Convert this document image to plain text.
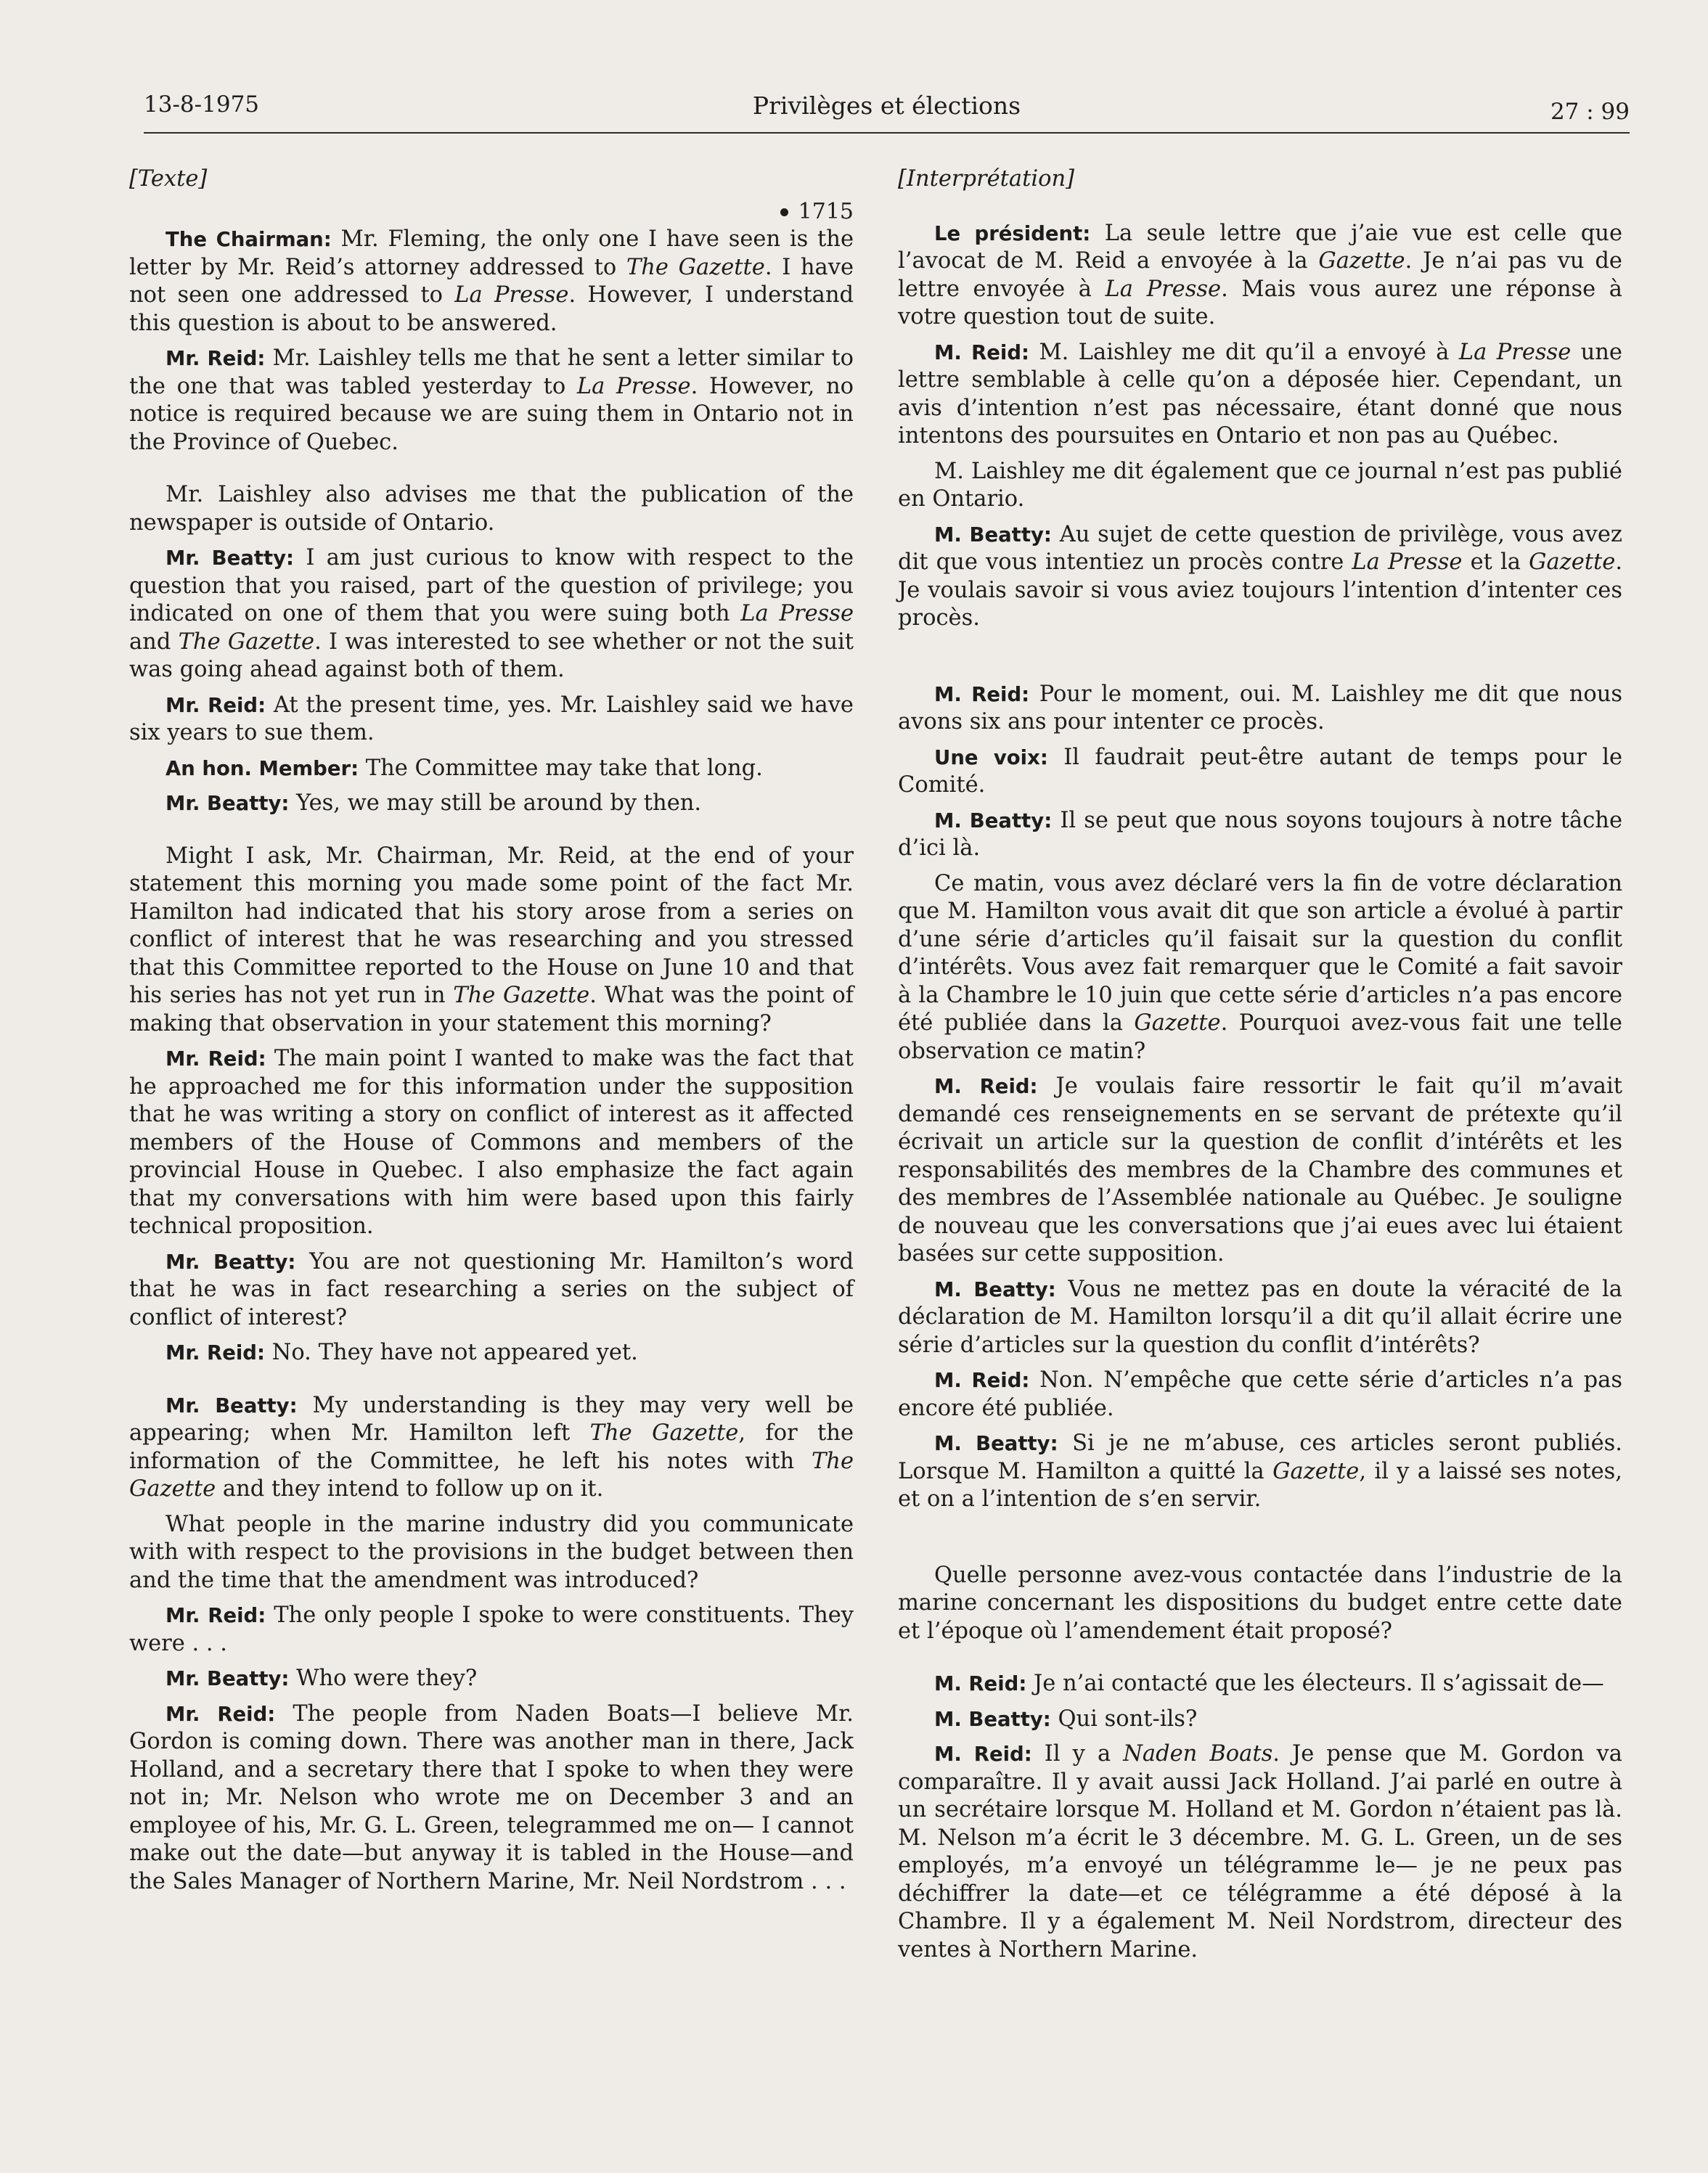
13-8-1975	Privilèges et élections	27 : 99

[Texte]

1715

The Chairman: Mr. Fleming, the only one I have seen is the letter by Mr. Reid’s attorney addressed to The Gazette. I have not seen one addressed to La Presse. However, I understand this question is about to be answered.

Mr. Reid: Mr. Laishley tells me that he sent a letter similar to the one that was tabled yesterday to La Presse. However, no notice is required because we are suing them in Ontario not in the Province of Quebec.

Mr. Laishley also advises me that the publication of the newspaper is outside of Ontario.

Mr. Beatty: I am just curious to know with respect to the question that you raised, part of the question of privilege; you indicated on one of them that you were suing both La Presse and The Gazette. I was interested to see whether or not the suit was going ahead against both of them.

Mr. Reid: At the present time, yes. Mr. Laishley said we have six years to sue them.

An hon. Member: The Committee may take that long.

Mr. Beatty: Yes, we may still be around by then.

Might I ask, Mr. Chairman, Mr. Reid, at the end of your statement this morning you made some point of the fact Mr. Hamilton had indicated that his story arose from a series on conflict of interest that he was researching and you stressed that this Committee reported to the House on June 10 and that his series has not yet run in The Gazette. What was the point of making that observation in your statement this morning?

Mr. Reid: The main point I wanted to make was the fact that he approached me for this information under the supposition that he was writing a story on conflict of interest as it affected members of the House of Commons and members of the provincial House in Quebec. I also emphasize the fact again that my conversations with him were based upon this fairly technical proposition.

Mr. Beatty: You are not questioning Mr. Hamilton’s word that he was in fact researching a series on the subject of conflict of interest?

Mr. Reid: No. They have not appeared yet.

Mr. Beatty: My understanding is they may very well be appearing; when Mr. Hamilton left The Gazette, for the information of the Committee, he left his notes with The Gazette and they intend to follow up on it.

What people in the marine industry did you communicate with with respect to the provisions in the budget between then and the time that the amendment was introduced?

Mr. Reid: The only people I spoke to were constituents. They were . . .

Mr. Beatty: Who were they?

Mr. Reid: The people from Naden Boats—I believe Mr. Gordon is coming down. There was another man in there, Jack Holland, and a secretary there that I spoke to when they were not in; Mr. Nelson who wrote me on December 3 and an employee of his, Mr. G. L. Green, telegrammed me on— I cannot make out the date—but anyway it is tabled in the House—and the Sales Manager of Northern Marine, Mr. Neil Nordstrom . . .

[Interprétation]

Le président: La seule lettre que j’aie vue est celle que l’avocat de M. Reid a envoyée à la Gazette. Je n’ai pas vu de lettre envoyée à La Presse. Mais vous aurez une réponse à votre question tout de suite.

M. Reid: M. Laishley me dit qu’il a envoyé à La Presse une lettre semblable à celle qu’on a déposée hier. Cependant, un avis d’intention n’est pas nécessaire, étant donné que nous intentons des poursuites en Ontario et non pas au Québec.

M. Laishley me dit également que ce journal n’est pas publié en Ontario.

M. Beatty: Au sujet de cette question de privilège, vous avez dit que vous intentiez un procès contre La Presse et la Gazette. Je voulais savoir si vous aviez toujours l’intention d’intenter ces procès.

M. Reid: Pour le moment, oui. M. Laishley me dit que nous avons six ans pour intenter ce procès.

Une voix: Il faudrait peut-être autant de temps pour le Comité.

M. Beatty: Il se peut que nous soyons toujours à notre tâche d’ici là.

Ce matin, vous avez déclaré vers la fin de votre déclaration que M. Hamilton vous avait dit que son article a évolué à partir d’une série d’articles qu’il faisait sur la question du conflit d’intérêts. Vous avez fait remarquer que le Comité a fait savoir à la Chambre le 10 juin que cette série d’articles n’a pas encore été publiée dans la Gazette. Pourquoi avez-vous fait une telle observation ce matin?

M. Reid: Je voulais faire ressortir le fait qu’il m’avait demandé ces renseignements en se servant de prétexte qu’il écrivait un article sur la question de conflit d’intérêts et les responsabilités des membres de la Chambre des communes et des membres de l’Assemblée nationale au Québec. Je souligne de nouveau que les conversations que j’ai eues avec lui étaient basées sur cette supposition.

M. Beatty: Vous ne mettez pas en doute la véracité de la déclaration de M. Hamilton lorsqu’il a dit qu’il allait écrire une série d’articles sur la question du conflit d’intérêts?

M. Reid: Non. N’empêche que cette série d’articles n’a pas encore été publiée.

M. Beatty: Si je ne m’abuse, ces articles seront publiés. Lorsque M. Hamilton a quitté la Gazette, il y a laissé ses notes, et on a l’intention de s’en servir.

Quelle personne avez-vous contactée dans l’industrie de la marine concernant les dispositions du budget entre cette date et l’époque où l’amendement était proposé?

M. Reid: Je n’ai contacté que les électeurs. Il s’agissait de—

M. Beatty: Qui sont-ils?

M. Reid: Il y a Naden Boats. Je pense que M. Gordon va comparaître. Il y avait aussi Jack Holland. J’ai parlé en outre à un secrétaire lorsque M. Holland et M. Gordon n’étaient pas là. M. Nelson m’a écrit le 3 décembre. M. G. L. Green, un de ses employés, m’a envoyé un télégramme le— je ne peux pas déchiffrer la date—et ce télégramme a été déposé à la Chambre. Il y a également M. Neil Nordstrom, directeur des ventes à Northern Marine.
